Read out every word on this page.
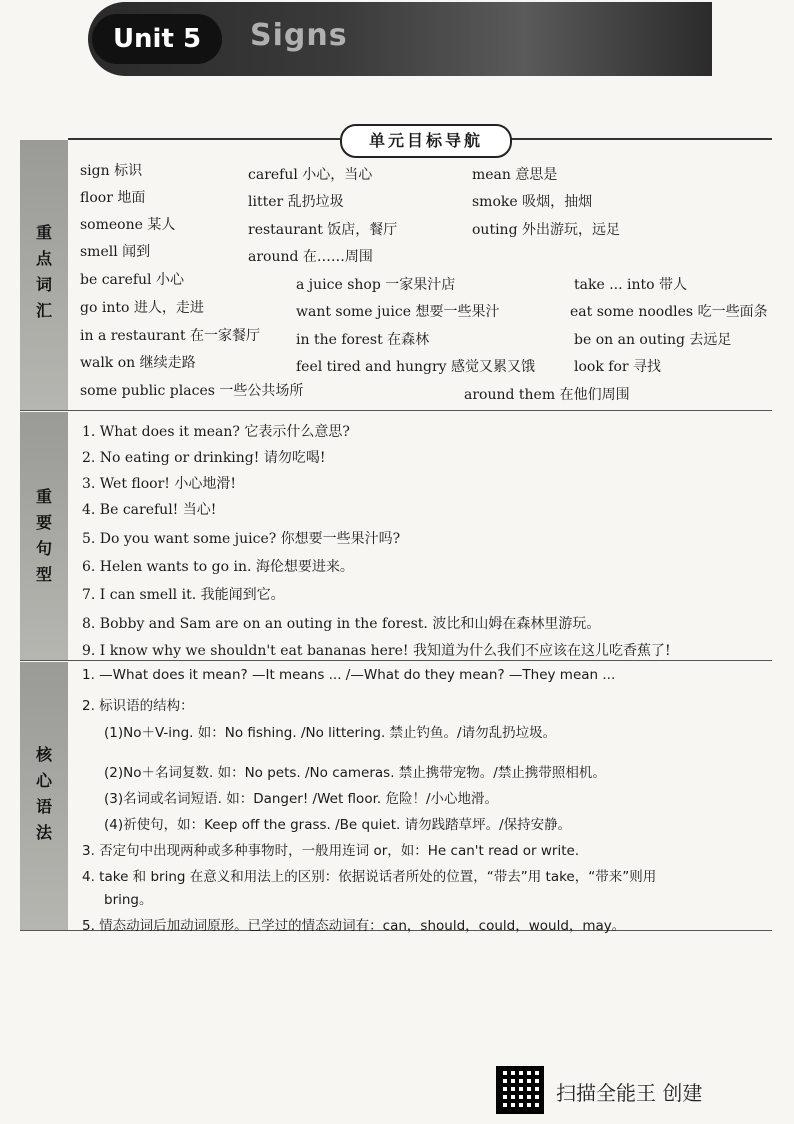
Unit 5	Signs
单元目标导航
重点词汇
重要句型
核心语法
sign 标识	careful 小心，当心	mean 意思是
floor 地面	litter 乱扔垃圾	smoke 吸烟，抽烟
someone 某人	restaurant 饭店，餐厅	outing 外出游玩，远足
smell 闻到	around 在……周围
be careful 小心	a juice shop 一家果汁店	take ... into 带人
go into 进人，走进	want some juice 想要一些果汁	eat some noodles 吃一些面条
in a restaurant 在一家餐厅	in the forest 在森林	be on an outing 去远足
walk on 继续走路	feel tired and hungry 感觉又累又饿	look for 寻找
some public places 一些公共场所	around them 在他们周围
1. What does it mean? 它表示什么意思?
2. No eating or drinking! 请勿吃喝!
3. Wet floor! 小心地滑!
4. Be careful! 当心!
5. Do you want some juice? 你想要一些果汁吗?
6. Helen wants to go in. 海伦想要进来。
7. I can smell it. 我能闻到它。
8. Bobby and Sam are on an outing in the forest. 波比和山姆在森林里游玩。
9. I know why we shouldn't eat bananas here! 我知道为什么我们不应该在这儿吃香蕉了!
1. —What does it mean? —It means ... /—What do they mean? —They mean ...
2. 标识语的结构：
(1)No＋V-ing. 如：No fishing. /No littering. 禁止钓鱼。/请勿乱扔垃圾。
(2)No＋名词复数. 如：No pets. /No cameras. 禁止携带宠物。/禁止携带照相机。
(3)名词或名词短语. 如：Danger! /Wet floor. 危险！/小心地滑。
(4)祈使句，如：Keep off the grass. /Be quiet. 请勿践踏草坪。/保持安静。
3. 否定句中出现两种或多种事物时，一般用连词 or，如：He can't read or write.
4. take 和 bring 在意义和用法上的区别：依据说话者所处的位置，“带去”用 take，“带来”则用
bring。
5. 情态动词后加动词原形。已学过的情态动词有：can，should，could，would，may。
扫描全能王 创建
